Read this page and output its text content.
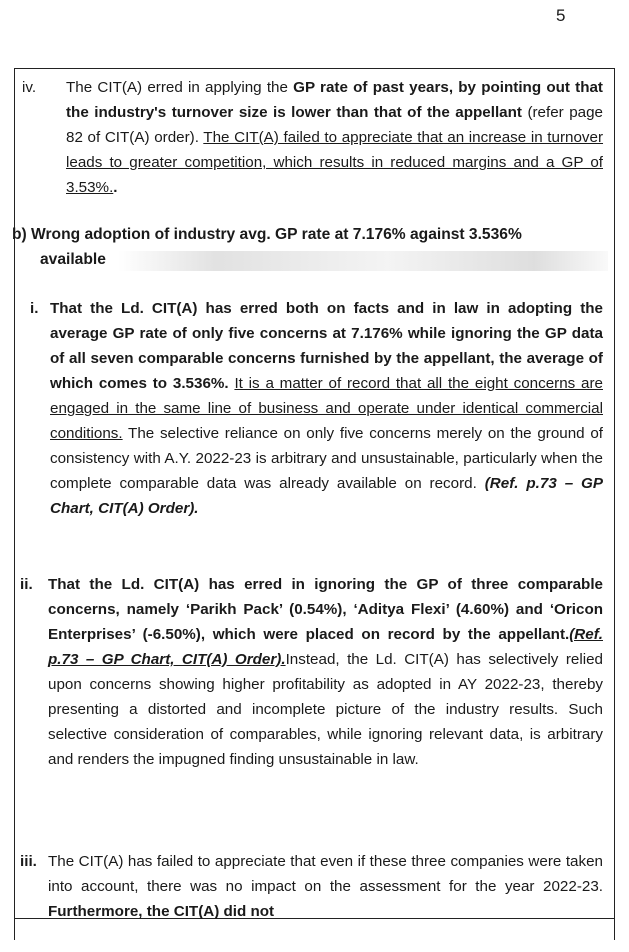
5
iv. The CIT(A) erred in applying the GP rate of past years, by pointing out that the industry's turnover size is lower than that of the appellant (refer page 82 of CIT(A) order). The CIT(A) failed to appreciate that an increase in turnover leads to greater competition, which results in reduced margins and a GP of 3.53%..

b) Wrong adoption of industry avg. GP rate at 7.176% against 3.536%
available
i. That the Ld. CIT(A) has erred both on facts and in law in adopting the average GP rate of only five concerns at 7.176% while ignoring the GP data of all seven comparable concerns furnished by the appellant, the average of which comes to 3.536%. It is a matter of record that all the eight concerns are engaged in the same line of business and operate under identical commercial conditions. The selective reliance on only five concerns merely on the ground of consistency with A.Y. 2022-23 is arbitrary and unsustainable, particularly when the complete comparable data was already available on record. (Ref. p.73 – GP Chart, CIT(A) Order).

ii. That the Ld. CIT(A) has erred in ignoring the GP of three comparable concerns, namely ‘Parikh Pack’ (0.54%), ‘Aditya Flexi’ (4.60%) and ‘Oricon Enterprises’ (-6.50%), which were placed on record by the appellant.(Ref. p.73 – GP Chart, CIT(A) Order).Instead, the Ld. CIT(A) has selectively relied upon concerns showing higher profitability as adopted in AY 2022-23, thereby presenting a distorted and incomplete picture of the industry results. Such selective consideration of comparables, while ignoring relevant data, is arbitrary and renders the impugned finding unsustainable in law.

iii. The CIT(A) has failed to appreciate that even if these three companies were taken into account, there was no impact on the assessment for the year 2022-23. Furthermore, the CIT(A) did not
